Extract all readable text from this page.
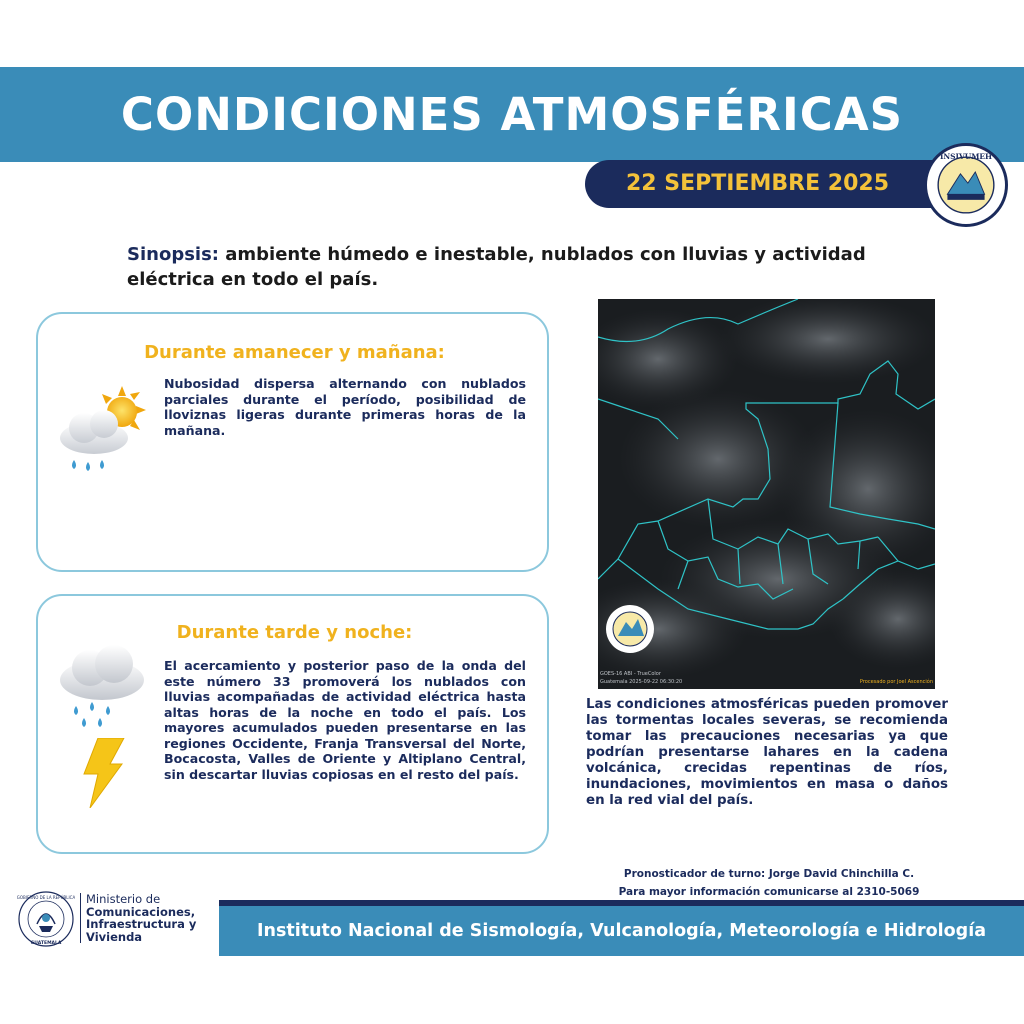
CONDICIONES ATMOSFÉRICAS
22 SEPTIEMBRE 2025
INSIVUMEH
Sinopsis: ambiente húmedo e inestable, nublados con lluvias y actividad eléctrica en todo el país.
Durante amanecer y mañana:
Nubosidad dispersa alternando con nublados parciales durante el período, posibilidad de lloviznas ligeras durante primeras horas de la mañana.
Durante tarde y noche:
El acercamiento y posterior paso de la onda del este número 33 promoverá los nublados con lluvias acompañadas de actividad eléctrica hasta altas horas de la noche en todo el país. Los mayores acumulados pueden presentarse en las regiones Occidente, Franja Transversal del Norte, Bocacosta, Valles de Oriente y Altiplano Central, sin descartar lluvias copiosas en el resto del país.
GOES-16 ABI - TrueColor
Guatemala 2025-09-22 06:30:20	Procesado por Joel Ascención
Las condiciones atmosféricas pueden promover las tormentas locales severas, se recomienda tomar las precauciones necesarias ya que podrían presentarse lahares en la cadena volcánica, crecidas repentinas de ríos, inundaciones, movimientos en masa o daños en la red vial del país.
Pronosticador de turno: Jorge David Chinchilla C.
Para mayor información comunicarse al 2310-5069
Instituto Nacional de Sismología, Vulcanología, Meteorología e Hidrología
GOBIERNO DE LA REPÚBLICA
GUATEMALA
Ministerio de
Comunicaciones,
Infraestructura y
Vivienda
